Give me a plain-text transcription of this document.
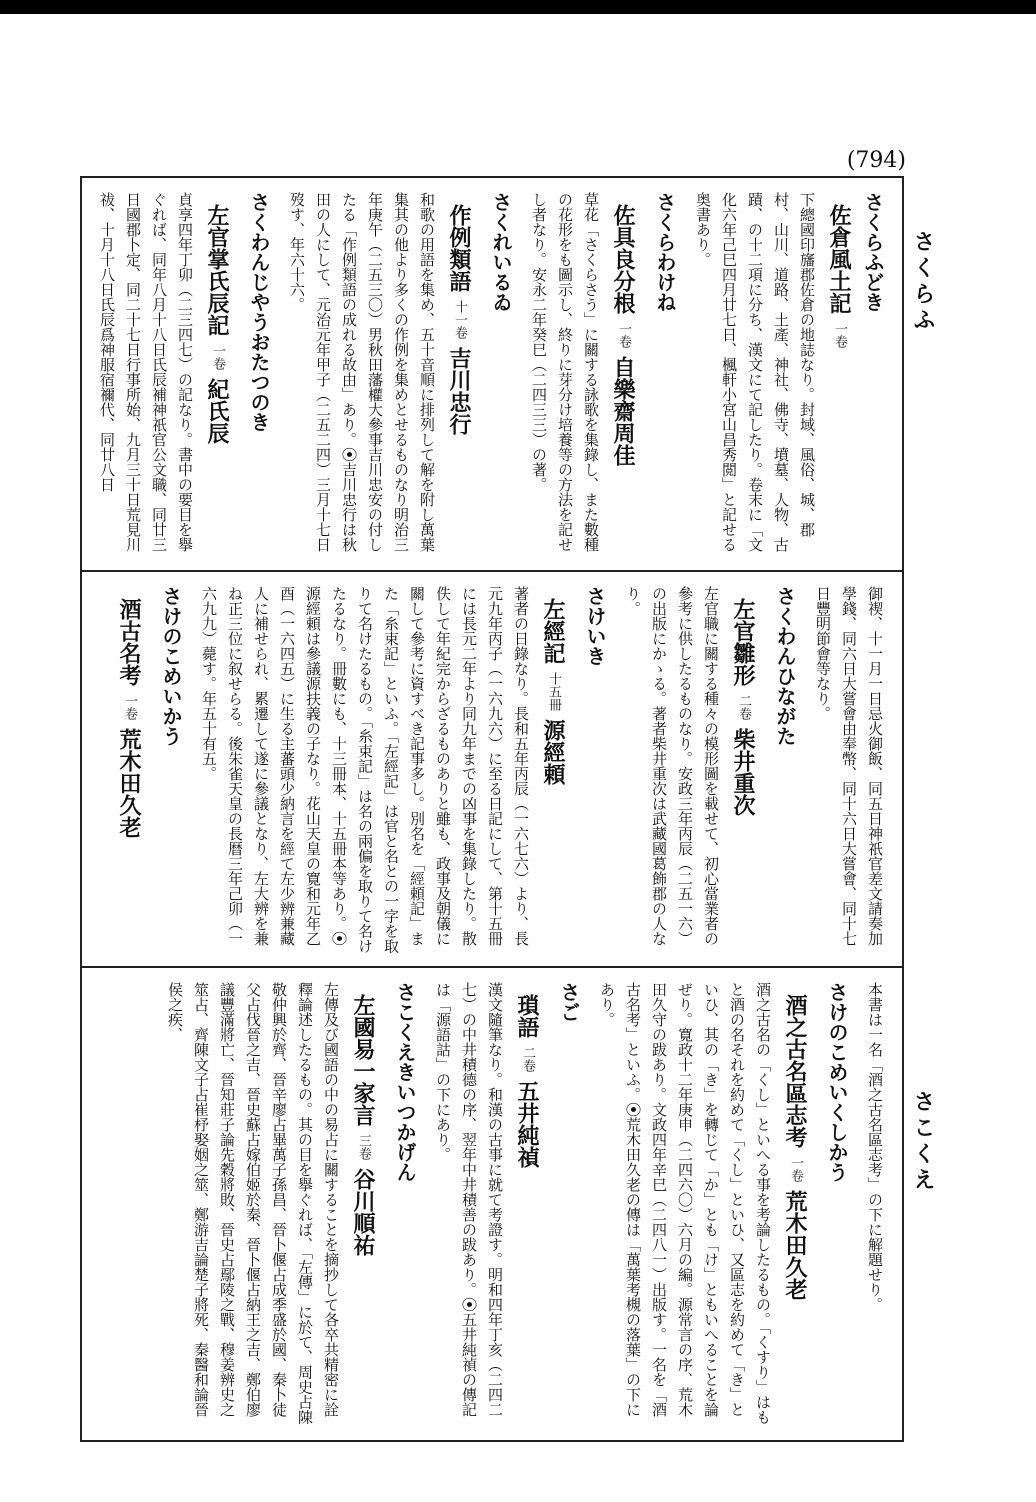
(794)
さくらふ
さこくえ
さくらふどき
佐倉風土記一卷
下總國印旛郡佐倉の地誌なり。封域、風俗、城、郡村、山川、道路、土產、神社、佛寺、墳墓、人物、古蹟、の十二項に分ち、漢文にて記したり。卷末に「文化六年己巳四月廿七日、楓軒小宮山昌秀閲」と記せる奥書あり。
さくらわけね
佐具良分根一卷自樂齋周佳
草花「さくらさう」に關する詠歌を集錄し、また數種の花形をも圖示し、終りに芽分け培養等の方法を記せし者なり。安永二年癸巳（二四三三）の著。
さくれいるゐ
作例類語十一卷吉川忠行
和歌の用語を集め、五十音順に排列して解を附し萬葉集其の他より多くの作例を集めとせるものなり明治三年庚午（二五三〇）男秋田藩權大參事吉川忠安の付したる「作例類語の成れる故由」あり。⦿吉川忠行は秋田の人にして、元治元年甲子（二五二四）三月十七日歿す、年六十六。
さくわんじやうおたつのき
左官掌氏辰記一卷紀氏辰
貞享四年丁卯（二三四七）の記なり。書中の要目を擧ぐれば、同年八月十八日氏辰補神祇官公文職、同廿三日國郡卜定、同二十七日行事所始、九月三十日荒見川祓、十月十八日氏辰爲神服宿禰代、同廿八日
御禊、十一月一日忌火御飯、同五日神祇官差文請奏加學錢、同六日大嘗會由奉幣、同十六日大嘗會、同十七日豐明節會等なり。
さくわんひながた
左官雛形二卷柴井重次
左官職に關する種々の模形圖を載せて、初心當業者の參考に供したるものなり。安政三年丙辰（二五一六）の出版にかゝる。著者柴井重次は武藏國葛飾郡の人なり。
さけいき
左經記十五冊源經頼
著者の日錄なり。長和五年丙辰（一六七六）より、長元九年丙子（一六九六）に至る日記にして、第十五冊には長元二年より同九年までの凶事を集錄したり。散佚して年紀完からざるものありと雖も、政事及朝儀に關して參考に資すべき記事多し。別名を「經頼記」また「糸束記」といふ。「左經記」は官と名との一字を取りて名けたるもの。「糸束記」は名の兩偏を取りて名けたるなり。冊數にも、十三冊本、十五冊本等あり。⦿源經頼は參議源扶義の子なり。花山天皇の寛和元年乙酉（一六四五）に生る主蕃頭少納言を經て左少辨兼藏人に補せられ、累遷して遂に參議となり、左大辨を兼ね正三位に叙せらる。後朱雀天皇の長暦三年己卯（一六九九）薨す。年五十有五。
さけのこめいかう
酒古名考一卷荒木田久老
本書は一名「酒之古名區志考」の下に解題せり。
さけのこめいくしかう
酒之古名區志考一卷荒木田久老
酒之古名の「くし」といへる事を考論したるもの。「くすり」はもと酒の名それを約めて「くし」といひ、又區志を約めて「き」といひ、其の「き」を轉じて「か」とも「け」ともいへることを論ぜり。寛政十二年庚申（二四六〇）六月の編。源常言の序、荒木田久守の跋あり。文政四年辛巳（二四八一）出版す。一名を「酒古名考」といふ。⦿荒木田久老の傳は「萬葉考槻の落葉」の下にあり。
さご
瑣語二卷五井純禎
漢文隨筆なり。和漢の古事に就て考證す。明和四年丁亥（二四二七）の中井積德の序、翌年中井積善の跋あり。⦿五井純禎の傳記は「源語詁」の下にあり。
さこくえきいつかげん
左國易一家言三卷谷川順祐
左傳及び國語の中の易占に關することを摘抄して各卒共精密に詮釋論述したるもの。其の目を擧ぐれば、「左傳」に於て、周史占陳敬仲興於齊、晉辛廖占畢萬子孫昌、晉卜偃占成季盛於國、秦卜徒父占伐晉之吉、晉史蘇占嫁伯姬於秦、晉卜偃占納王之吉、鄭伯廖議豐滿將亡、晉知莊子論先穀將敗、晉史占鄢陵之戰、穆姜辨史之筮占、齊陳文子占崔杼娶姻之筮、鄭游吉論楚子將死、秦醫和論晉侯之疾、
